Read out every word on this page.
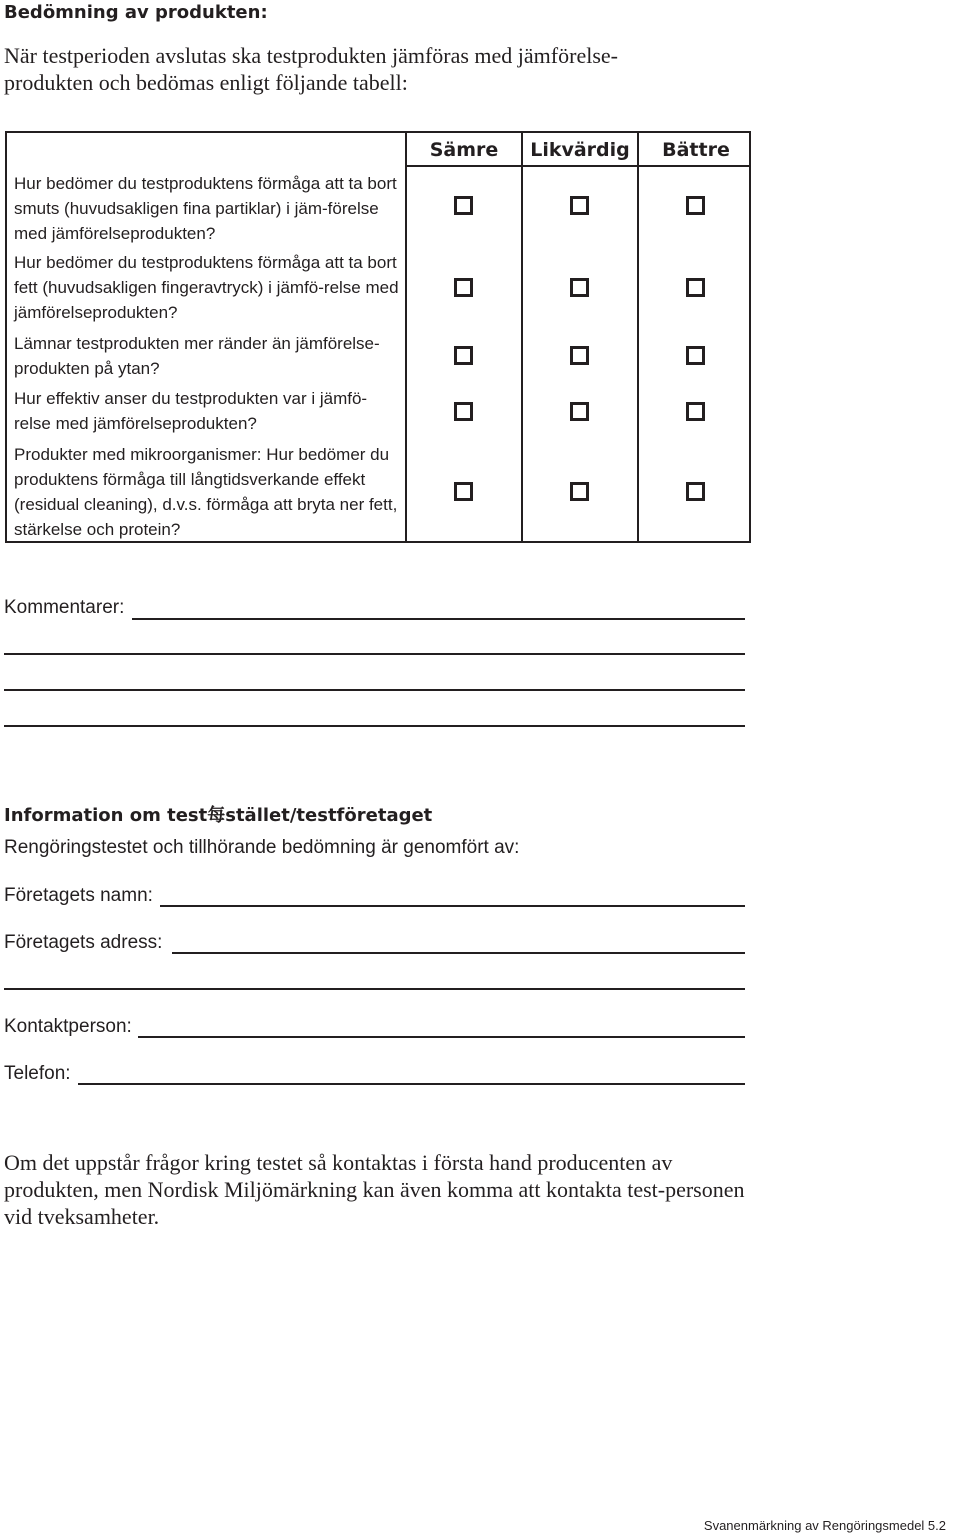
Bedömning av produkten:
När testperioden avslutas ska testprodukten jämföras med jämförelse-
produkten och bedömas enligt följande tabell:
Sämre	Likvärdig	Bättre
Hur bedömer du testproduktens förmåga att ta bort smuts (huvudsakligen fina partiklar) i jäm-förelse med jämförelseprodukten?
Hur bedömer du testproduktens förmåga att ta bort fett (huvudsakligen fingeravtryck) i jämfö-relse med jämförelseprodukten?
Lämnar testprodukten mer ränder än jämförelse-produkten på ytan?
Hur effektiv anser du testprodukten var i jämfö-relse med jämförelseprodukten?
Produkter med mikroorganismer: Hur bedömer du produktens förmåga till långtidsverkande effekt (residual cleaning), d.v.s. förmåga att bryta ner fett, stärkelse och protein?
Kommentarer:
Information om test每stället/testföretaget
Rengöringstestet och tillhörande bedömning är genomfört av:
Företagets namn:
Företagets adress:
Kontaktperson:
Telefon:
Om det uppstår frågor kring testet så kontaktas i första hand producenten av produkten, men Nordisk Miljömärkning kan även komma att kontakta test-personen vid tveksamheter.
Svanenmärkning av Rengöringsmedel 5.2
